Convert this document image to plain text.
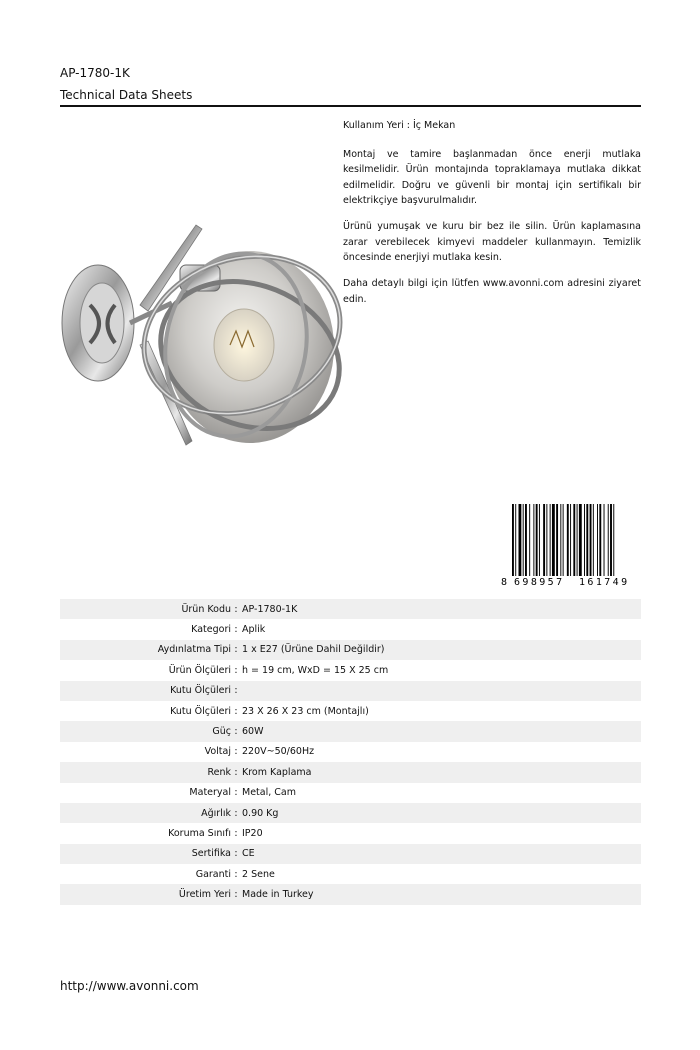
AP-1780-1K
Technical Data Sheets

Kullanım Yeri : İç Mekan

Montaj ve tamire başlanmadan önce enerji mutlaka kesilmelidir. Ürün montajında topraklamaya mutlaka dikkat edilmelidir. Doğru ve güvenli bir montaj için sertifikalı bir elektrikçiye başvurulmalıdır.

Ürünü yumuşak ve kuru bir bez ile silin. Ürün kaplamasına zarar verebilecek kimyevi maddeler kullanmayın. Temizlik öncesinde enerjiyi mutlaka kesin.

Daha detaylı bilgi için lütfen www.avonni.com adresini ziyaret edin.

8 698957 161749
Ürün Kodu : AP-1780-1K
Kategori : Aplik
Aydınlatma Tipi : 1 x E27 (Ürüne Dahil Değildir)
Ürün Ölçüleri : h = 19 cm, WxD = 15 X 25 cm
Kutu Ölçüleri :
Kutu Ölçüleri : 23 X 26 X 23 cm (Montajlı)
Güç : 60W
Voltaj : 220V~50/60Hz
Renk : Krom Kaplama
Materyal : Metal, Cam
Ağırlık : 0.90 Kg
Koruma Sınıfı : IP20
Sertifika : CE
Garanti : 2 Sene
Üretim Yeri : Made in Turkey
http://www.avonni.com
